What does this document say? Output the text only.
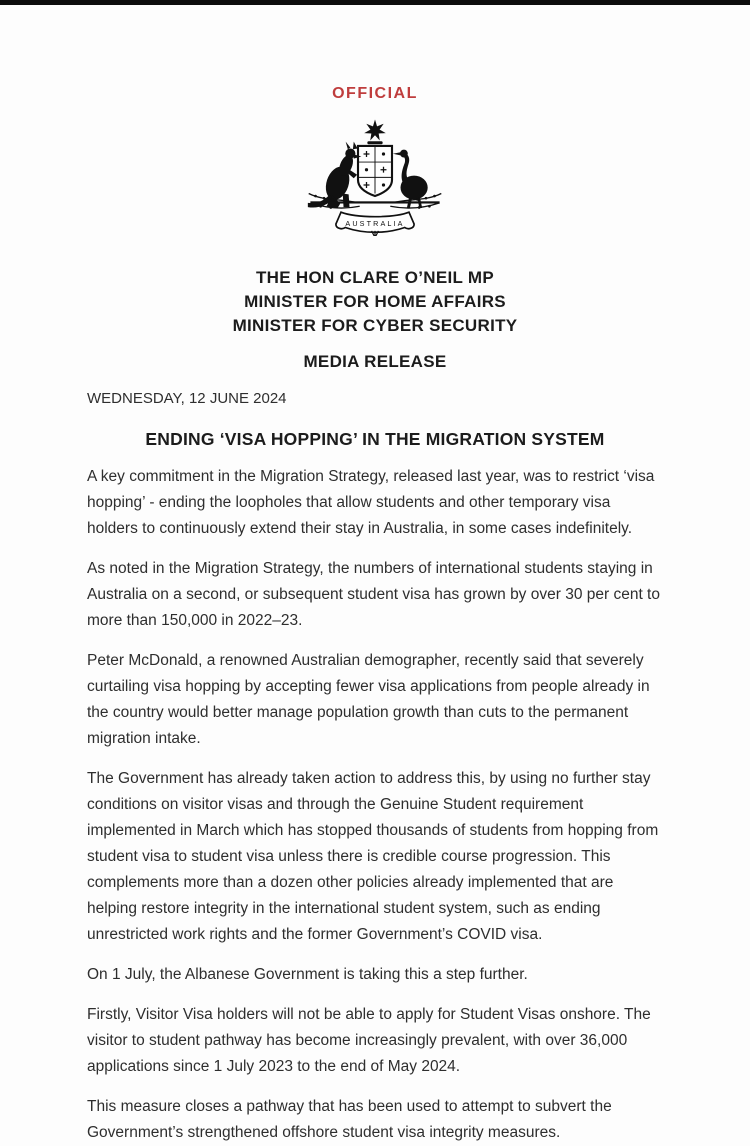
OFFICIAL
AUSTRALIA
THE HON CLARE O’NEIL MP
MINISTER FOR HOME AFFAIRS
MINISTER FOR CYBER SECURITY
MEDIA RELEASE
WEDNESDAY, 12 JUNE 2024
ENDING ‘VISA HOPPING’ IN THE MIGRATION SYSTEM

A key commitment in the Migration Strategy, released last year, was to restrict ‘visa hopping’ - ending the loopholes that allow students and other temporary visa holders to continuously extend their stay in Australia, in some cases indefinitely.

As noted in the Migration Strategy, the numbers of international students staying in Australia on a second, or subsequent student visa has grown by over 30 per cent to more than 150,000 in 2022–23.

Peter McDonald, a renowned Australian demographer, recently said that severely curtailing visa hopping by accepting fewer visa applications from people already in the country would better manage population growth than cuts to the permanent migration intake.

The Government has already taken action to address this, by using no further stay conditions on visitor visas and through the Genuine Student requirement implemented in March which has stopped thousands of students from hopping from student visa to student visa unless there is credible course progression. This complements more than a dozen other policies already implemented that are helping restore integrity in the international student system, such as ending unrestricted work rights and the former Government’s COVID visa.

On 1 July, the Albanese Government is taking this a step further.

Firstly, Visitor Visa holders will not be able to apply for Student Visas onshore. The visitor to student pathway has become increasingly prevalent, with over 36,000 applications since 1 July 2023 to the end of May 2024.

This measure closes a pathway that has been used to attempt to subvert the Government’s strengthened offshore student visa integrity measures.
